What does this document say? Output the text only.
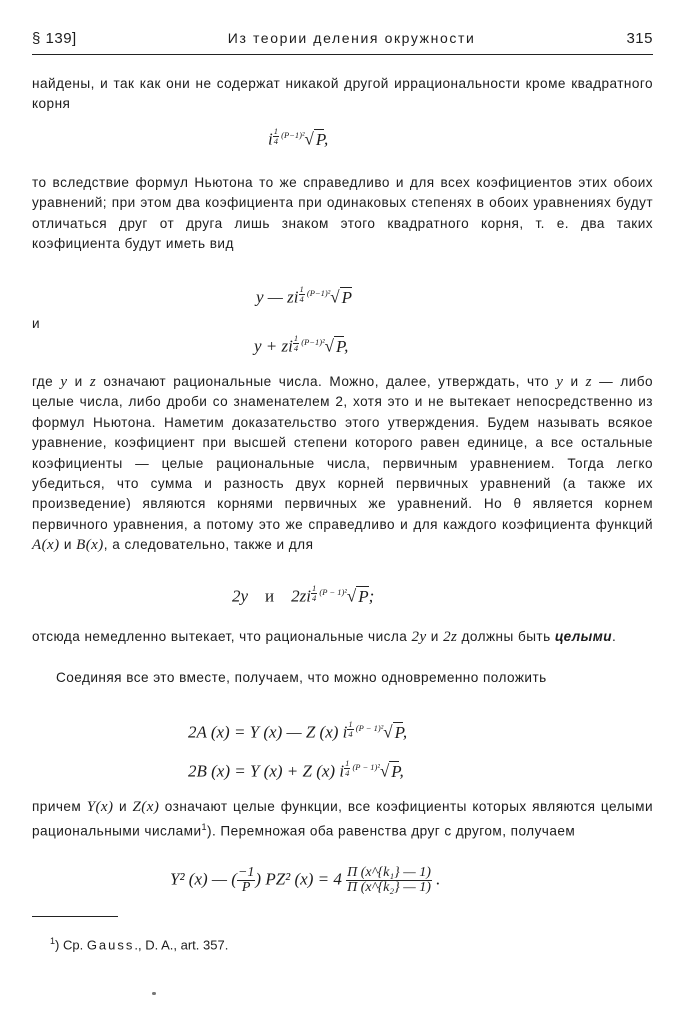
§ 139]	Из теории деления окружности	315

найдены, и так как они не содержат никакой другой иррациональности кроме квадратного корня

i $^{\frac{1}{4} (P-1)^2}$√ P,

то вследствие формул Ньютона то же справедливо и для всех коэфициентов этих обоих уравнений; при этом два коэфициента при одинаковых степенях в обоих уравнениях будут отличаться друг от друга лишь знаком этого квадратного корня, т. е. два таких коэфициента будут иметь вид

y — zi $^{\frac{1}{4} (P-1)^2}$√ P
и
y + zi $^{\frac{1}{4} (P-1)^2}$√ P,

где y и z означают рациональные числа. Можно, далее, утверждать, что y и z — либо целые числа, либо дроби со знаменателем 2, хотя это и не вытекает непосредственно из формул Ньютона. Наметим доказательство этого утверждения. Будем называть всякое уравнение, коэфициент при высшей степени которого равен единице, а все остальные коэфициенты — целые рациональные числа, первичным уравнением. Тогда легко убедиться, что сумма и разность двух корней первичных уравнений (а также их произведение) являются корнями первичных же уравнений. Но θ является корнем первичного уравнения, а потому это же справедливо и для каждого коэфициента функций A(x) и B(x), а следовательно, также и для

2y и 2zi $^{\frac{1}{4} (P - 1)^2}$√ P;

отсюда немедленно вытекает, что рациональные числа 2y и 2z должны быть целыми.

Соединяя все это вместе, получаем, что можно одновременно положить

2A (x) = Y (x) — Z (x) i $^{\frac{1}{4} (P - 1)^2}$√ P,
2B (x) = Y (x) + Z (x) i $^{\frac{1}{4} (P - 1)^2}$√ P,

причем Y(x) и Z(x) означают целые функции, все коэфициенты которых являются целыми рациональными числами$^1$). Перемножая оба равенства друг с другом, получаем

Y² (x) — ( $\frac{-1}{P}$ ) PZ² $(x) = 4 \frac{\text{Π (x\textasciicircum{}\{k₁\} — 1)}}{\text{Π (x\textasciicircum{}\{k₂\} — 1)}}$ .
$^1$) Ср. Gauss., D. A., art. 357.
